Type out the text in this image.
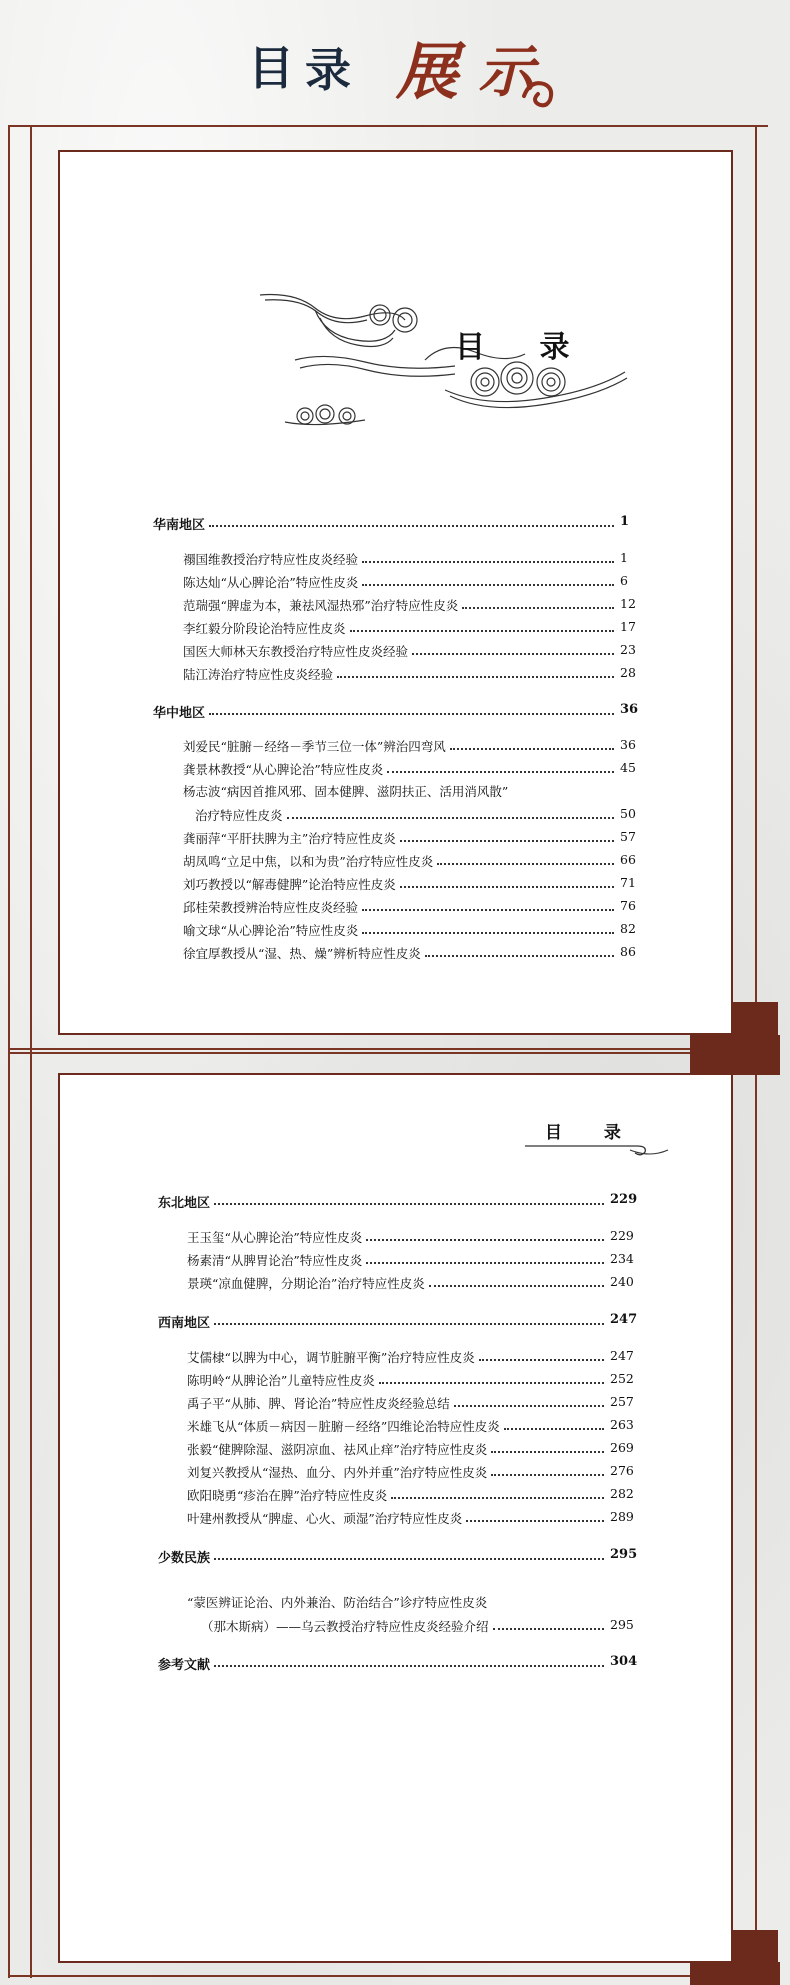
目 录 展 示
目 录
华南地区	1
禤国维教授治疗特应性皮炎经验	1
陈达灿“从心脾论治”特应性皮炎	6
范瑞强“脾虚为本，兼祛风湿热邪”治疗特应性皮炎	12
李红毅分阶段论治特应性皮炎	17
国医大师林天东教授治疗特应性皮炎经验	23
陆江涛治疗特应性皮炎经验	28
华中地区	36
刘爱民“脏腑－经络－季节三位一体”辨治四弯风	36
龚景林教授“从心脾论治”特应性皮炎	45
杨志波“病因首推风邪、固本健脾、滋阴扶正、活用消风散”
治疗特应性皮炎	50
龚丽萍“平肝扶脾为主”治疗特应性皮炎	57
胡凤鸣“立足中焦，以和为贵”治疗特应性皮炎	66
刘巧教授以“解毒健脾”论治特应性皮炎	71
邱桂荣教授辨治特应性皮炎经验	76
喻文球“从心脾论治”特应性皮炎	82
徐宜厚教授从“湿、热、燥”辨析特应性皮炎	86
目 录
东北地区	229
王玉玺“从心脾论治”特应性皮炎	229
杨素清“从脾胃论治”特应性皮炎	234
景瑛“凉血健脾，分期论治”治疗特应性皮炎	240
西南地区	247
艾儒棣“以脾为中心，调节脏腑平衡”治疗特应性皮炎	247
陈明岭“从脾论治”儿童特应性皮炎	252
禹子平“从肺、脾、肾论治”特应性皮炎经验总结	257
米雄飞从“体质－病因－脏腑－经络”四维论治特应性皮炎	263
张毅“健脾除湿、滋阴凉血、祛风止痒”治疗特应性皮炎	269
刘复兴教授从“湿热、血分、内外并重”治疗特应性皮炎	276
欧阳晓勇“疹治在脾”治疗特应性皮炎	282
叶建州教授从“脾虚、心火、顽湿”治疗特应性皮炎	289
少数民族	295
“蒙医辨证论治、内外兼治、防治结合”诊疗特应性皮炎
（那木斯病）——乌云教授治疗特应性皮炎经验介绍	295
参考文献	304
